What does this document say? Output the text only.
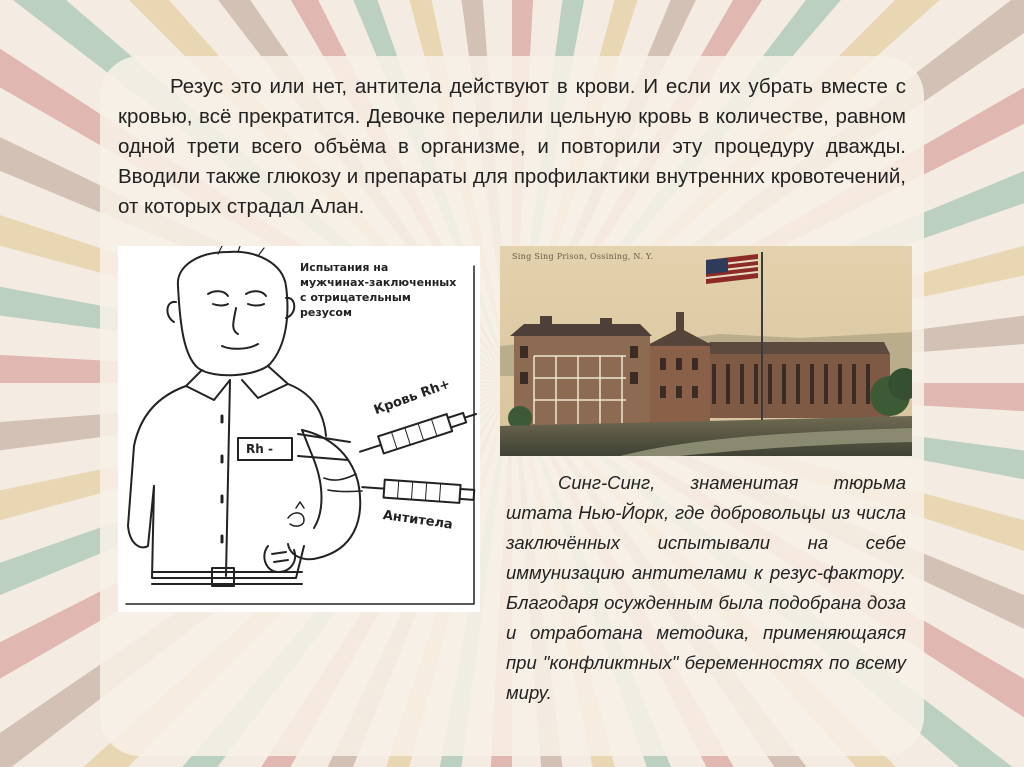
Резус это или нет, антитела действуют в крови. И если их убрать вместе с кровью, всё прекратится. Девочке перелили цельную кровь в количестве, равном одной трети всего объёма в организме, и повторили эту процедуру дважды. Вводили также глюкозу и препараты для профилактики внутренних кровотечений, от которых страдал Алан.

Испытания на
мужчинах-заключенных
с отрицательным
резусом
Rh -
Кровь Rh+
Антитела
Sing Sing Prison, Ossining, N. Y.

Синг-Синг, знаменитая тюрьма штата Нью-Йорк, где добровольцы из числа заключённых испытывали на себе иммунизацию антителами к резус-фактору. Благодаря осужденным была подобрана доза и отработана методика, применяющаяся при "конфликтных" беременностях по всему миру.
